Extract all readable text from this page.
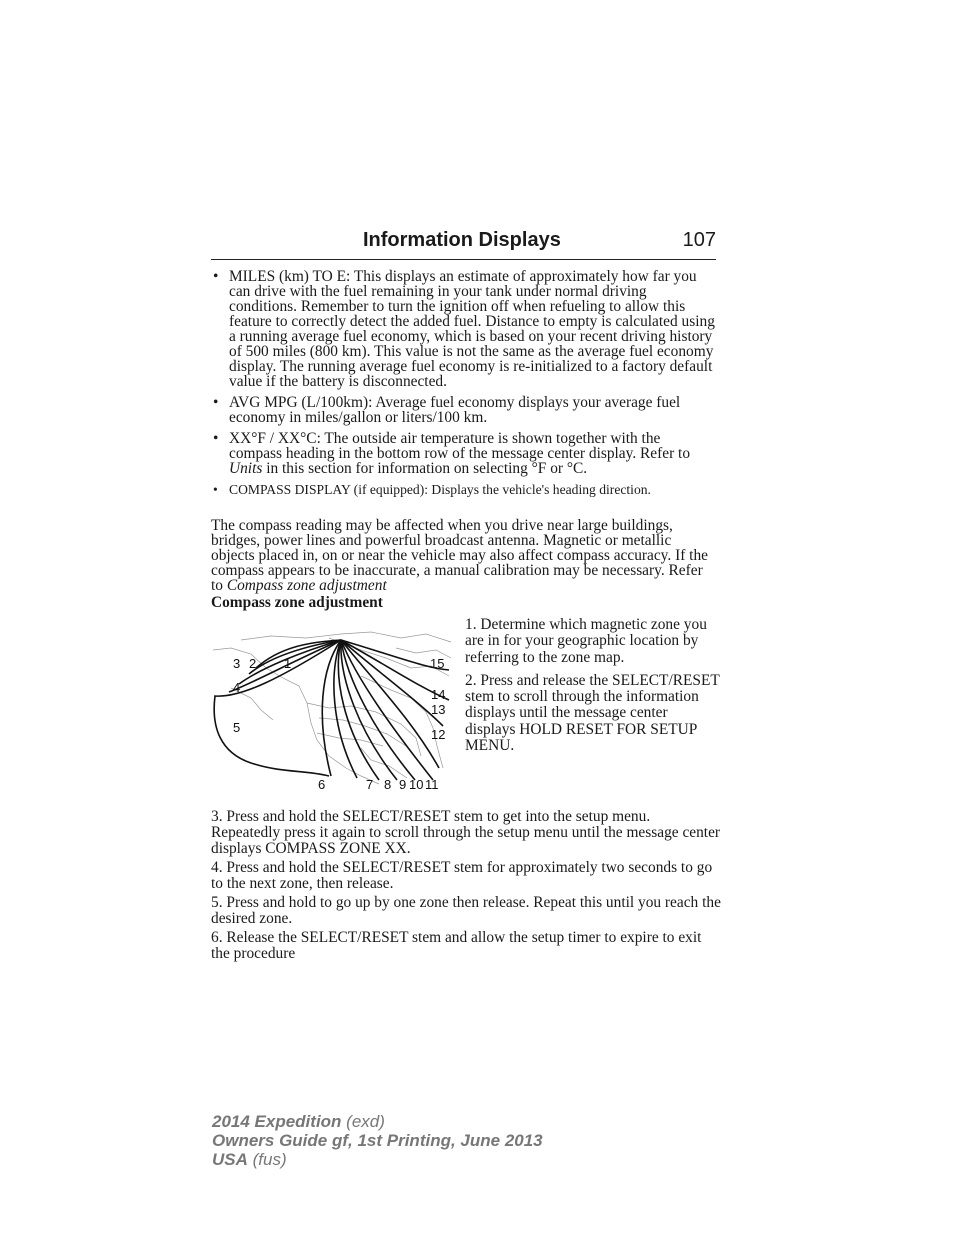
Information Displays	107
• MILES (km) TO E: This displays an estimate of approximately how far you can drive with the fuel remaining in your tank under normal driving conditions. Remember to turn the ignition off when refueling to allow this feature to correctly detect the added fuel. Distance to empty is calculated using a running average fuel economy, which is based on your recent driving history of 500 miles (800 km). This value is not the same as the average fuel economy display. The running average fuel economy is re-initialized to a factory default value if the battery is disconnected.
• AVG MPG (L/100km): Average fuel economy displays your average fuel economy in miles/gallon or liters/100 km.
• XX°F / XX°C: The outside air temperature is shown together with the compass heading in the bottom row of the message center display. Refer to Units in this section for information on selecting °F or °C.
• COMPASS DISPLAY (if equipped): Displays the vehicle's heading direction.
The compass reading may be affected when you drive near large buildings, bridges, power lines and powerful broadcast antenna. Magnetic or metallic objects placed in, on or near the vehicle may also affect compass accuracy. If the compass appears to be inaccurate, a manual calibration may be necessary. Refer to Compass zone adjustment
Compass zone adjustment

1. Determine which magnetic zone you are in for your geographic location by referring to the zone map.

2. Press and release the SELECT/RESET stem to scroll through the information displays until the message center displays HOLD RESET FOR SETUP MENU.

1
2
3
4
5
6	7 8 9 10 11
12
13
14
15

3. Press and hold the SELECT/RESET stem to get into the setup menu. Repeatedly press it again to scroll through the setup menu until the message center displays COMPASS ZONE XX.

4. Press and hold the SELECT/RESET stem for approximately two seconds to go to the next zone, then release.

5. Press and hold to go up by one zone then release. Repeat this until you reach the desired zone.

6. Release the SELECT/RESET stem and allow the setup timer to expire to exit the procedure

2014 Expedition (exd)
Owners Guide gf, 1st Printing, June 2013
USA (fus)
